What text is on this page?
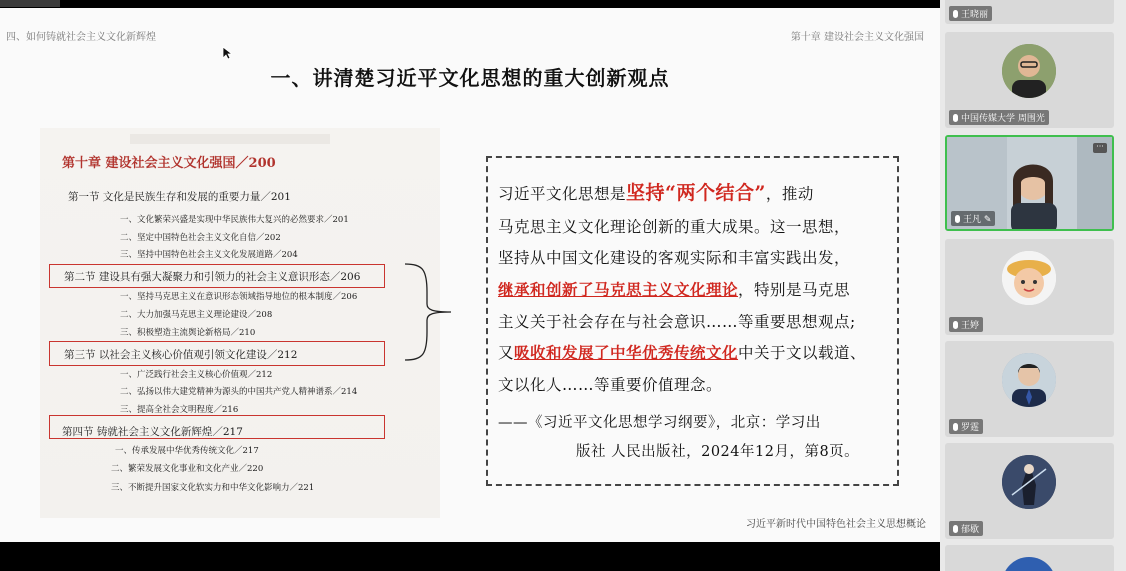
四、如何铸就社会主义文化新辉煌	第十章 建设社会主义文化强国
一、讲清楚习近平文化思想的重大创新观点
第十章 建设社会主义文化强国／200
第一节 文化是民族生存和发展的重要力量／201
一、文化繁荣兴盛是实现中华民族伟大复兴的必然要求／201
二、坚定中国特色社会主义文化自信／202
三、坚持中国特色社会主义文化发展道路／204
第二节 建设具有强大凝聚力和引领力的社会主义意识形态／206
一、坚持马克思主义在意识形态领域指导地位的根本制度／206
二、大力加强马克思主义理论建设／208
三、积极塑造主流舆论新格局／210
第三节 以社会主义核心价值观引领文化建设／212
一、广泛践行社会主义核心价值观／212
二、弘扬以伟大建党精神为源头的中国共产党人精神谱系／214
三、提高全社会文明程度／216
第四节 铸就社会主义文化新辉煌／217
一、传承发展中华优秀传统文化／217
二、繁荣发展文化事业和文化产业／220
三、不断提升国家文化软实力和中华文化影响力／221
习近平文化思想是坚持“两个结合”，推动
马克思主义文化理论创新的重大成果。这一思想，
坚持从中国文化建设的客观实际和丰富实践出发，
继承和创新了马克思主义文化理论，特别是马克思
主义关于社会存在与社会意识……等重要思想观点;
又吸收和发展了中华优秀传统文化中关于文以载道、
文以化人……等重要价值理念。
——《习近平文化思想学习纲要》，北京：学习出
版社 人民出版社，2024年12月，第8页。
习近平新时代中国特色社会主义思想概论
王晓丽
中国传媒大学 周围光
···
王凡 ✎
王婷
罗霆
郁歇
